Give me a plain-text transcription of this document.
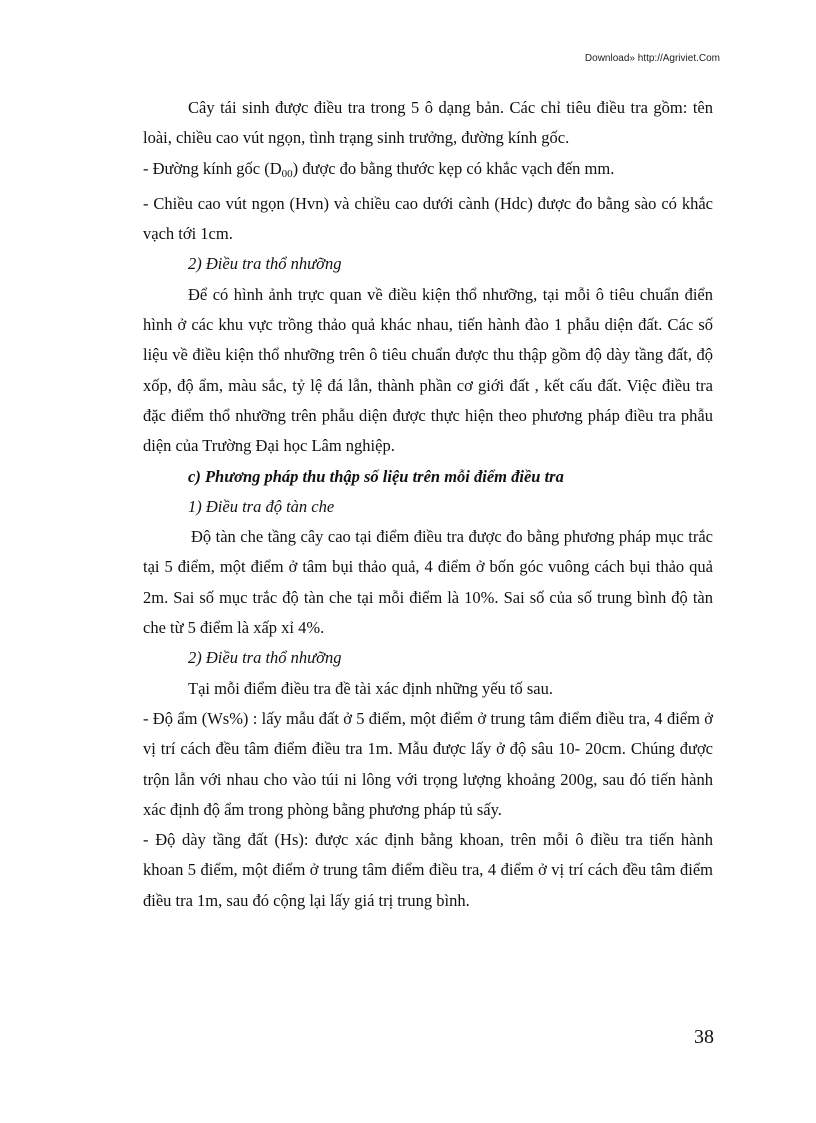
Download» http://Agriviet.Com

Cây tái sinh được điều tra trong 5 ô dạng bản. Các chỉ tiêu điều tra gồm: tên loài, chiều cao vút ngọn, tình trạng sinh trưởng, đường kính gốc.

- Đường kính gốc $(D_{00})$ được đo bằng thước kẹp có khắc vạch đến mm.

- Chiều cao vút ngọn (Hvn) và chiều cao dưới cành (Hdc) được đo bằng sào có khắc vạch tới 1cm.

2) Điều tra thổ nhưỡng

Để có hình ảnh trực quan về điều kiện thổ nhưỡng, tại mỗi ô tiêu chuẩn điển hình ở các khu vực trồng thảo quả khác nhau, tiến hành đào 1 phẫu diện đất. Các số liệu về điều kiện thổ nhưỡng trên ô tiêu chuẩn được thu thập gồm độ dày tầng đất, độ xốp, độ ẩm, màu sắc, tỷ lệ đá lẫn, thành phần cơ giới đất , kết cấu đất. Việc điều tra đặc điểm thổ nhưỡng trên phẫu diện được thực hiện theo phương pháp điều tra phẫu diện của Trường Đại học Lâm nghiệp.

c) Phương pháp thu thập số liệu trên mỗi điểm điều tra

1) Điều tra độ tàn che

Độ tàn che tầng cây cao tại điểm điều tra được đo bằng phương pháp mục trắc tại 5 điểm, một điểm ở tâm bụi thảo quả, 4 điểm ở bốn góc vuông cách bụi thảo quả 2m. Sai số mục trắc độ tàn che tại mỗi điểm là 10%. Sai số của số trung bình độ tàn che từ 5 điểm là xấp xỉ 4%.

2) Điều tra thổ nhưỡng

Tại mỗi điểm điều tra đề tài xác định những yếu tố sau.

- Độ ẩm (Ws%) : lấy mẫu đất ở 5 điểm, một điểm ở trung tâm điểm điều tra, 4 điểm ở vị trí cách đều tâm điểm điều tra 1m. Mẫu được lấy ở độ sâu 10- 20cm. Chúng được trộn lẫn với nhau cho vào túi ni lông với trọng lượng khoảng 200g, sau đó tiến hành xác định độ ẩm trong phòng bằng phương pháp tủ sấy.

- Độ dày tầng đất (Hs): được xác định bằng khoan, trên mỗi ô điều tra tiến hành khoan 5 điểm, một điểm ở trung tâm điểm điều tra, 4 điểm ở vị trí cách đều tâm điểm điều tra 1m, sau đó cộng lại lấy giá trị trung bình.

38
